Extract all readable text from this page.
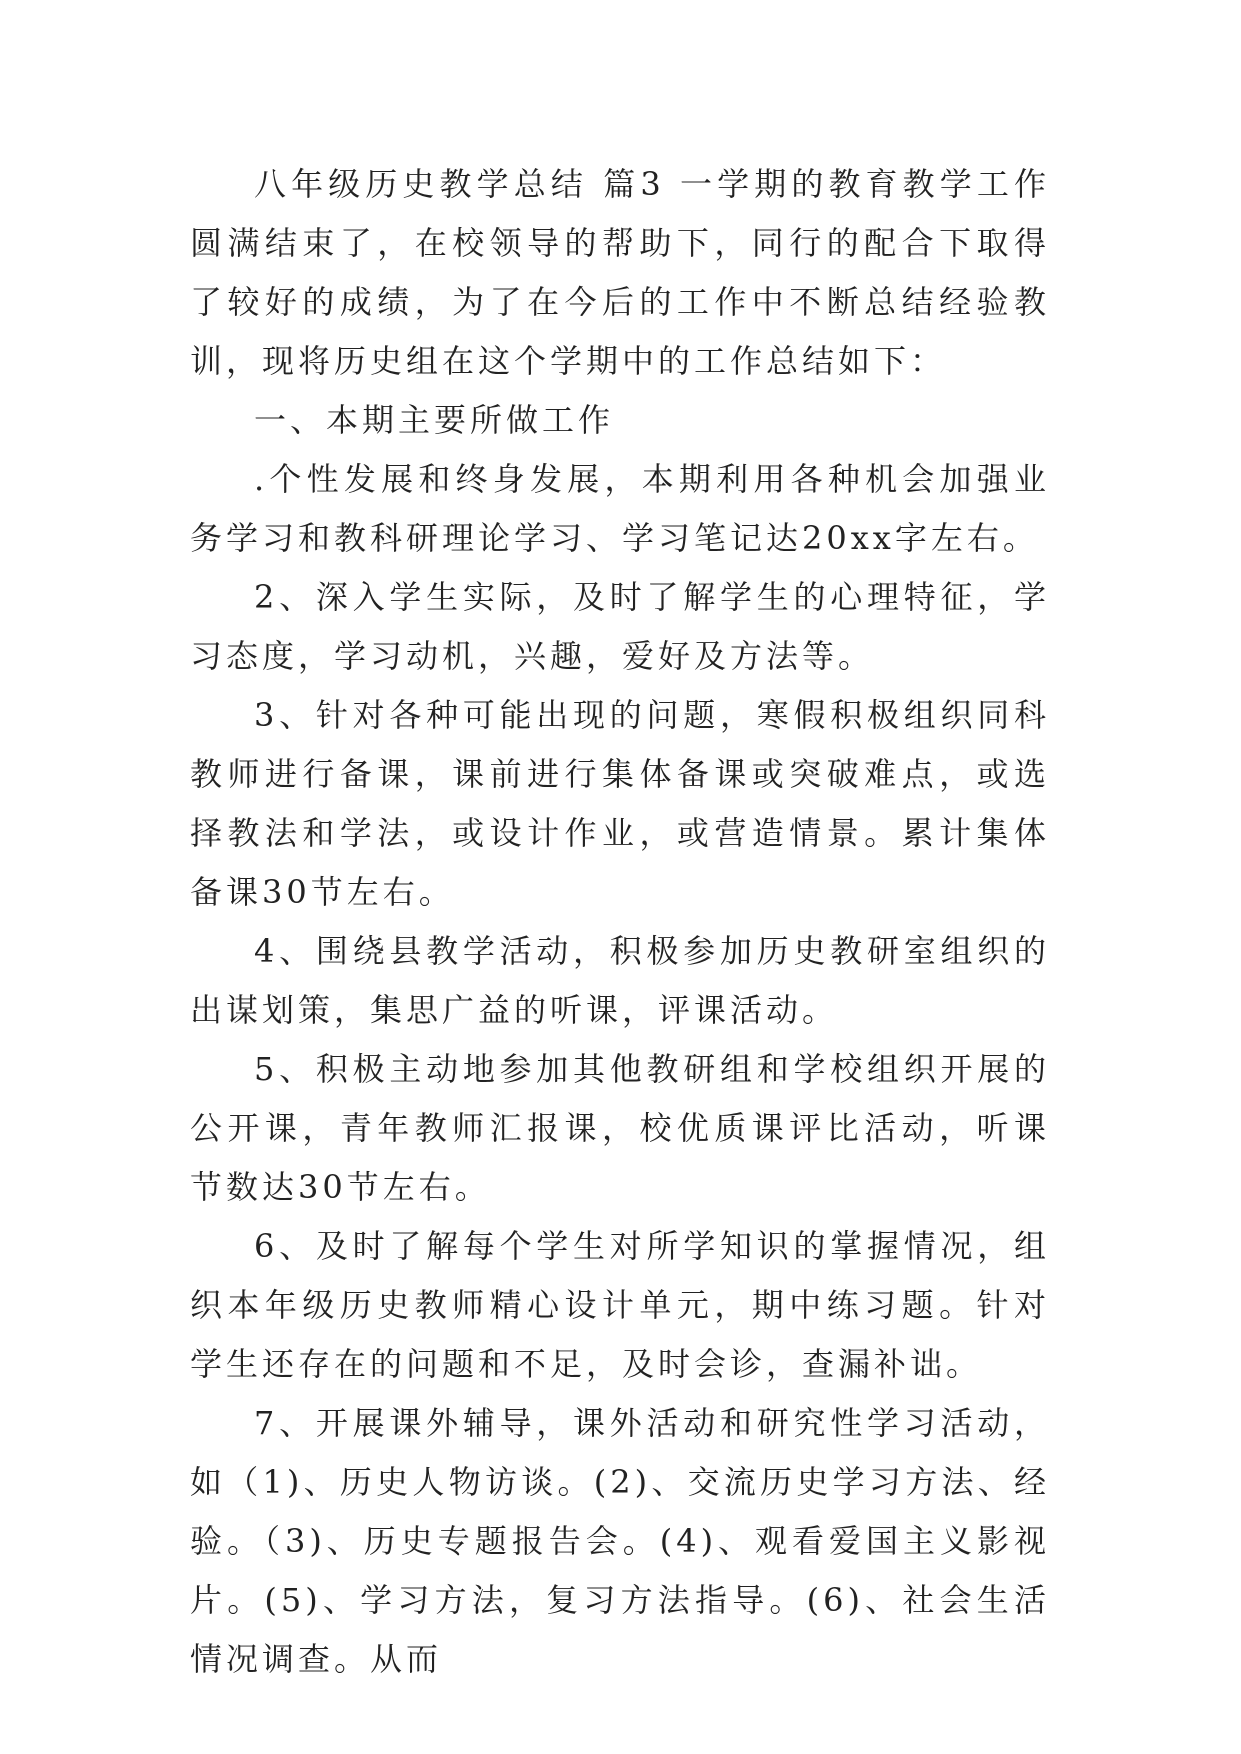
八年级历史教学总结 篇3 一学期的教育教学工作圆满结束了，在校领导的帮助下，同行的配合下取得了较好的成绩，为了在今后的工作中不断总结经验教训，现将历史组在这个学期中的工作总结如下：

一、本期主要所做工作

.个性发展和终身发展，本期利用各种机会加强业务学习和教科研理论学习、学习笔记达20xx字左右。

2、深入学生实际，及时了解学生的心理特征，学习态度，学习动机，兴趣，爱好及方法等。

3、针对各种可能出现的问题，寒假积极组织同科教师进行备课，课前进行集体备课或突破难点，或选择教法和学法，或设计作业，或营造情景。累计集体备课30节左右。

4、围绕县教学活动，积极参加历史教研室组织的出谋划策，集思广益的听课，评课活动。

5、积极主动地参加其他教研组和学校组织开展的公开课，青年教师汇报课，校优质课评比活动，听课节数达30节左右。

6、及时了解每个学生对所学知识的掌握情况，组织本年级历史教师精心设计单元，期中练习题。针对学生还存在的问题和不足，及时会诊，查漏补诎。

7、开展课外辅导，课外活动和研究性学习活动，如（1)、历史人物访谈。(2)、交流历史学习方法、经验。（3)、历史专题报告会。(4)、观看爱国主义影视片。(5)、学习方法，复习方法指导。(6)、社会生活情况调查。从而
